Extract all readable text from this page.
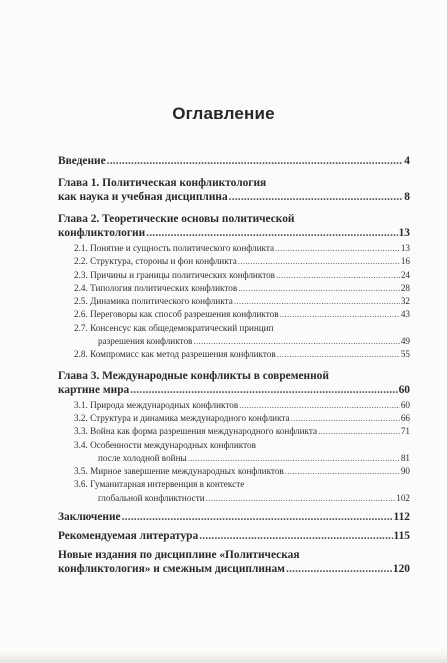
Оглавление
Введение .....	4
Глава 1. Политическая конфликтология
как наука и учебная дисциплина .....	8
Глава 2. Теоретические основы политической
конфликтологии .....	13
2.1. Понятие и сущность политического конфликта .....	13
2.2. Структура, стороны и фон конфликта .....	16
2.3. Причины и границы политических конфликтов .....	24
2.4. Типология политических конфликтов .....	28
2.5. Динамика политического конфликта .....	32
2.6. Переговоры как способ разрешения конфликтов .....	43
2.7. Консенсус как общедемократический принцип
разрешения конфликтов .....	49
2.8. Компромисс как метод разрешения конфликтов .....	55
Глава 3. Международные конфликты в современной
картине мира .....	60
3.1. Природа международных конфликтов .....	60
3.2. Структура и динамика международного конфликта .....	66
3.3. Война как форма разрешения международного конфликта .....	71
3.4. Особенности международных конфликтов
после холодной войны .....	81
3.5. Мирное завершение международных конфликтов .....	90
3.6. Гуманитарная интервенция в контексте
глобальной конфликтности .....	102
Заключение .....	112
Рекомендуемая литература .....	115
Новые издания по дисциплине «Политическая
конфликтология» и смежным дисциплинам .....	120
